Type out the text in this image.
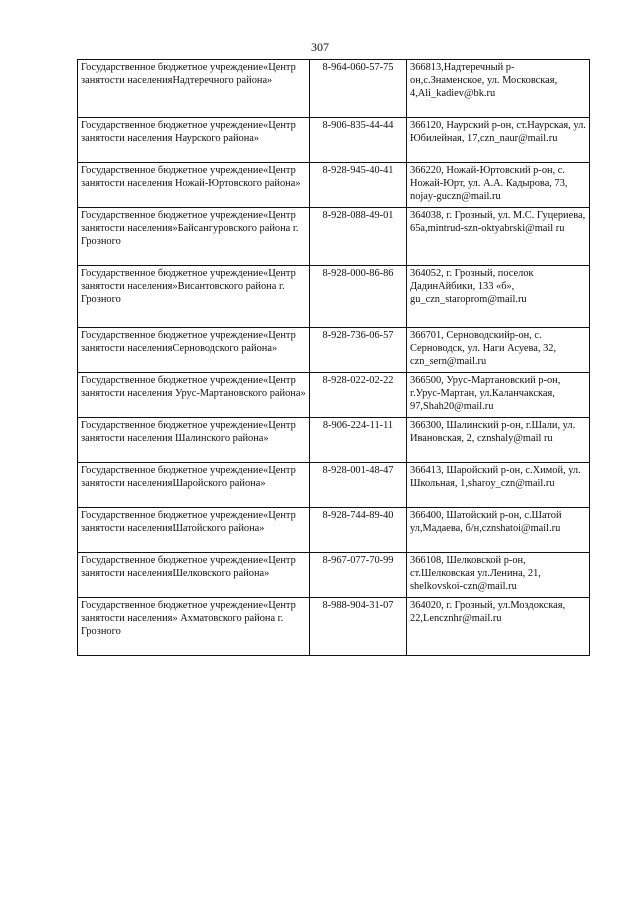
307
Государственное бюджетное учреждение«Центр занятости населенияНадтеречного района»	8-964-060-57-75	366813,Надтеречный р-он,с.Знаменское, ул. Московская, 4,Ali_kadiev@bk.ru
Государственное бюджетное учреждение«Центр занятости населения Наурского района»	8-906-835-44-44	366120, Наурский р-он, ст.Наурская, ул. Юбилейная, 17,czn_naur@mail.ru
Государственное бюджетное учреждение«Центр занятости населения Ножай-Юртовского района»	8-928-945-40-41	366220, Ножай-Юртовский р-он, с. Ножай-Юрт, ул. А.А. Кадырова, 73, nojay-guczn@mail.ru
Государственное бюджетное учреждение«Центр занятости населения»Байсангуровского района г. Грозного	8-928-088-49-01	364038, г. Грозный, ул. М.С. Гуцериева, 65a,mintrud-szn-oktyabrski@mail ru
Государственное бюджетное учреждение«Центр занятости населения»Висантовского района г. Грозного	8-928-000-86-86	364052, г. Грозный, поселок ДадинАйбики, 133 «б», gu_czn_staroprom@mail.ru
Государственное бюджетное учреждение«Центр занятости населенияСерноводского района»	8-928-736-06-57	366701, Серноводскийр-он, с. Серноводск, ул. Наги Асуева, 32, czn_sern@mail.ru
Государственное бюджетное учреждение«Центр занятости населения Урус-Мартановского района»	8-928-022-02-22	366500, Урус-Мартановский р-он, г.Урус-Мартан, ул.Каланчакская, 97,Shah20@mail.ru
Государственное бюджетное учреждение«Центр занятости населения Шалинского района»	8-906-224-11-11	366300, Шалинский р-он, г.Шали, ул. Ивановская, 2, cznshaly@mail ru
Государственное бюджетное учреждение«Центр занятости населенияШаройского района»	8-928-001-48-47	366413, Шаройский р-он, с.Химой, ул. Школьная, 1,sharoy_czn@mail.ru
Государственное бюджетное учреждение«Центр занятости населенияШатойского района»	8-928-744-89-40	366400, Шатойский р-он, с.Шатой ул,Мадаева, б/н,cznshatoi@mail.ru
Государственное бюджетное учреждение«Центр занятости населенияШелковского района»	8-967-077-70-99	366108, Шелковской р-он, ст.Шелковская ул.Ленина, 21, shelkovskoi-czn@mail.ru
Государственное бюджетное учреждение«Центр занятости населения» Ахматовского района г. Грозного	8-988-904-31-07	364020, г. Грозный, ул.Моздокская, 22,Lencznhr@mail.ru
